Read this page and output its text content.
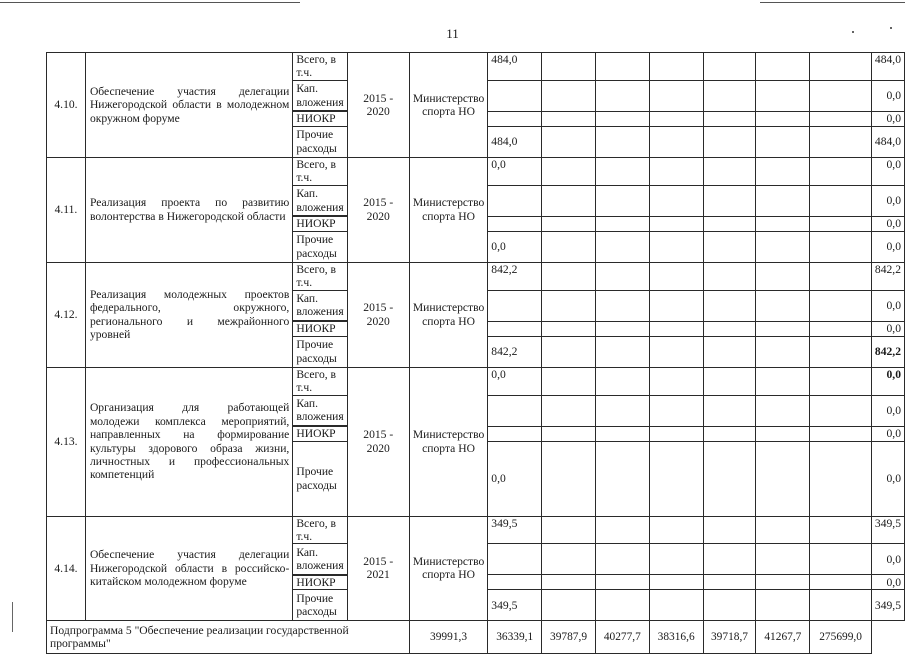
11
4.10.	Обеспечение участия делегации Нижегородской области в молодежном окружном форуме	Всего, в т.ч.	2015 - 2020	Министерство спорта НО	484,0							484,0

		Кап. вложения										0,0
		НИОКР										0,0

		Прочие расходы			484,0							484,0
4.11.	Реализация проекта по развитию волонтерства в Нижегородской области	Всего, в т.ч.	2015 - 2020	Министерство спорта НО	0,0							0,0

		Кап. вложения										0,0
		НИОКР										0,0

		Прочие расходы			0,0							0,0
4.12.	Реализация молодежных проектов федерального, окружного, регионального и межрайонного уровней	Всего, в т.ч.	2015 - 2020	Министерство спорта НО	842,2							842,2

		Кап. вложения										0,0
		НИОКР										0,0

		Прочие расходы			842,2							842,2
4.13.	Организация для работающей молодежи комплекса мероприятий, направленных на формирование культуры здорового образа жизни, личностных и профессиональных компетенций	Всего, в т.ч.	2015 - 2020	Министерство спорта НО	0,0							0,0

		Кап. вложения										0,0
		НИОКР										0,0

		Прочие расходы			0,0							0,0
4.14.	Обеспечение участия делегации Нижегородской области в российско-китайском молодежном форуме	Всего, в т.ч.	2015 - 2021	Министерство спорта НО	349,5							349,5

		Кап. вложения										0,0
		НИОКР										0,0

		Прочие расходы			349,5							349,5
Подпрограмма 5 "Обеспечение реализации государственной программы"				39991,3	36339,1	39787,9	40277,7	38316,6	39718,7	41267,7	275699,0	
